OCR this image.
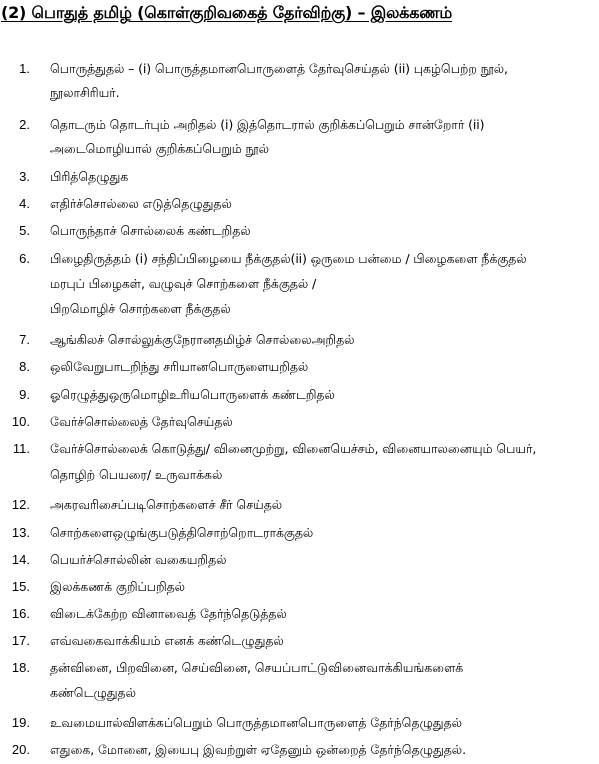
(2) பொதுத் தமிழ் (கொள்குறிவகைத் தேர்விற்கு) – இலக்கணம்
1. பொருத்துதல் – (i) பொருத்தமானபொருளைத் தேர்வுசெய்தல் (ii) புகழ்பெற்ற நூல்,
நூலாசிரியர்.
2. தொடரும் தொடர்பும் அறிதல் (i) இத்தொடரால் குறிக்கப்பெறும் சான்றோர் (ii)
அடைமொழியால் குறிக்கப்பெறும் நூல்
3. பிரித்தெழுதுக
4. எதிர்ச்சொல்லை எடுத்தெழுதுதல்
5. பொருந்தாச் சொல்லைக் கண்டறிதல்
6. பிழைதிருத்தம் (i) சந்திப்பிழையை நீக்குதல்(ii) ஒருமை பன்மை / பிழைகளை நீக்குதல்
மரபுப் பிழைகள், வழுவுச் சொற்களை நீக்குதல் /
பிறமொழிச் சொற்களை நீக்குதல்
7. ஆங்கிலச் சொல்லுக்குநேரானதமிழ்ச் சொல்லைஅறிதல்
8. ஒலிவேறுபாடறிந்து சரியானபொருளையறிதல்
9. ஓரெழுத்துஒருமொழிஉரியபொருளைக் கண்டறிதல்
10. வேர்ச்சொல்லைத் தேர்வுசெய்தல்
11. வேர்ச்சொல்லைக் கொடுத்து/ வினைமுற்று, வினையெச்சம், வினையாலனையும் பெயர்,
தொழிற் பெயரை/ உருவாக்கல்
12. அகரவரிசைப்படிசொற்களைச் சீர் செய்தல்
13. சொற்களைஒழுங்குபடுத்திசொற்றொடராக்குதல்
14. பெயர்ச்சொல்லின் வகையறிதல்
15. இலக்கணக் குறிப்பறிதல்
16. விடைக்கேற்ற வினாவைத் தேர்ந்தெடுத்தல்
17. எவ்வகைவாக்கியம் எனக் கண்டெழுதுதல்
18. தன்வினை, பிறவினை, செய்வினை, செயப்பாட்டுவினைவாக்கியங்களைக்
கண்டெழுதுதல்
19. உவமையால்விளக்கப்பெறும் பொருத்தமானபொருளைத் தேர்ந்தெழுதுதல்
20. எதுகை, மோனை, இயைபு இவற்றுள் ஏதேனும் ஒன்றைத் தேர்ந்தெழுதுதல்.
